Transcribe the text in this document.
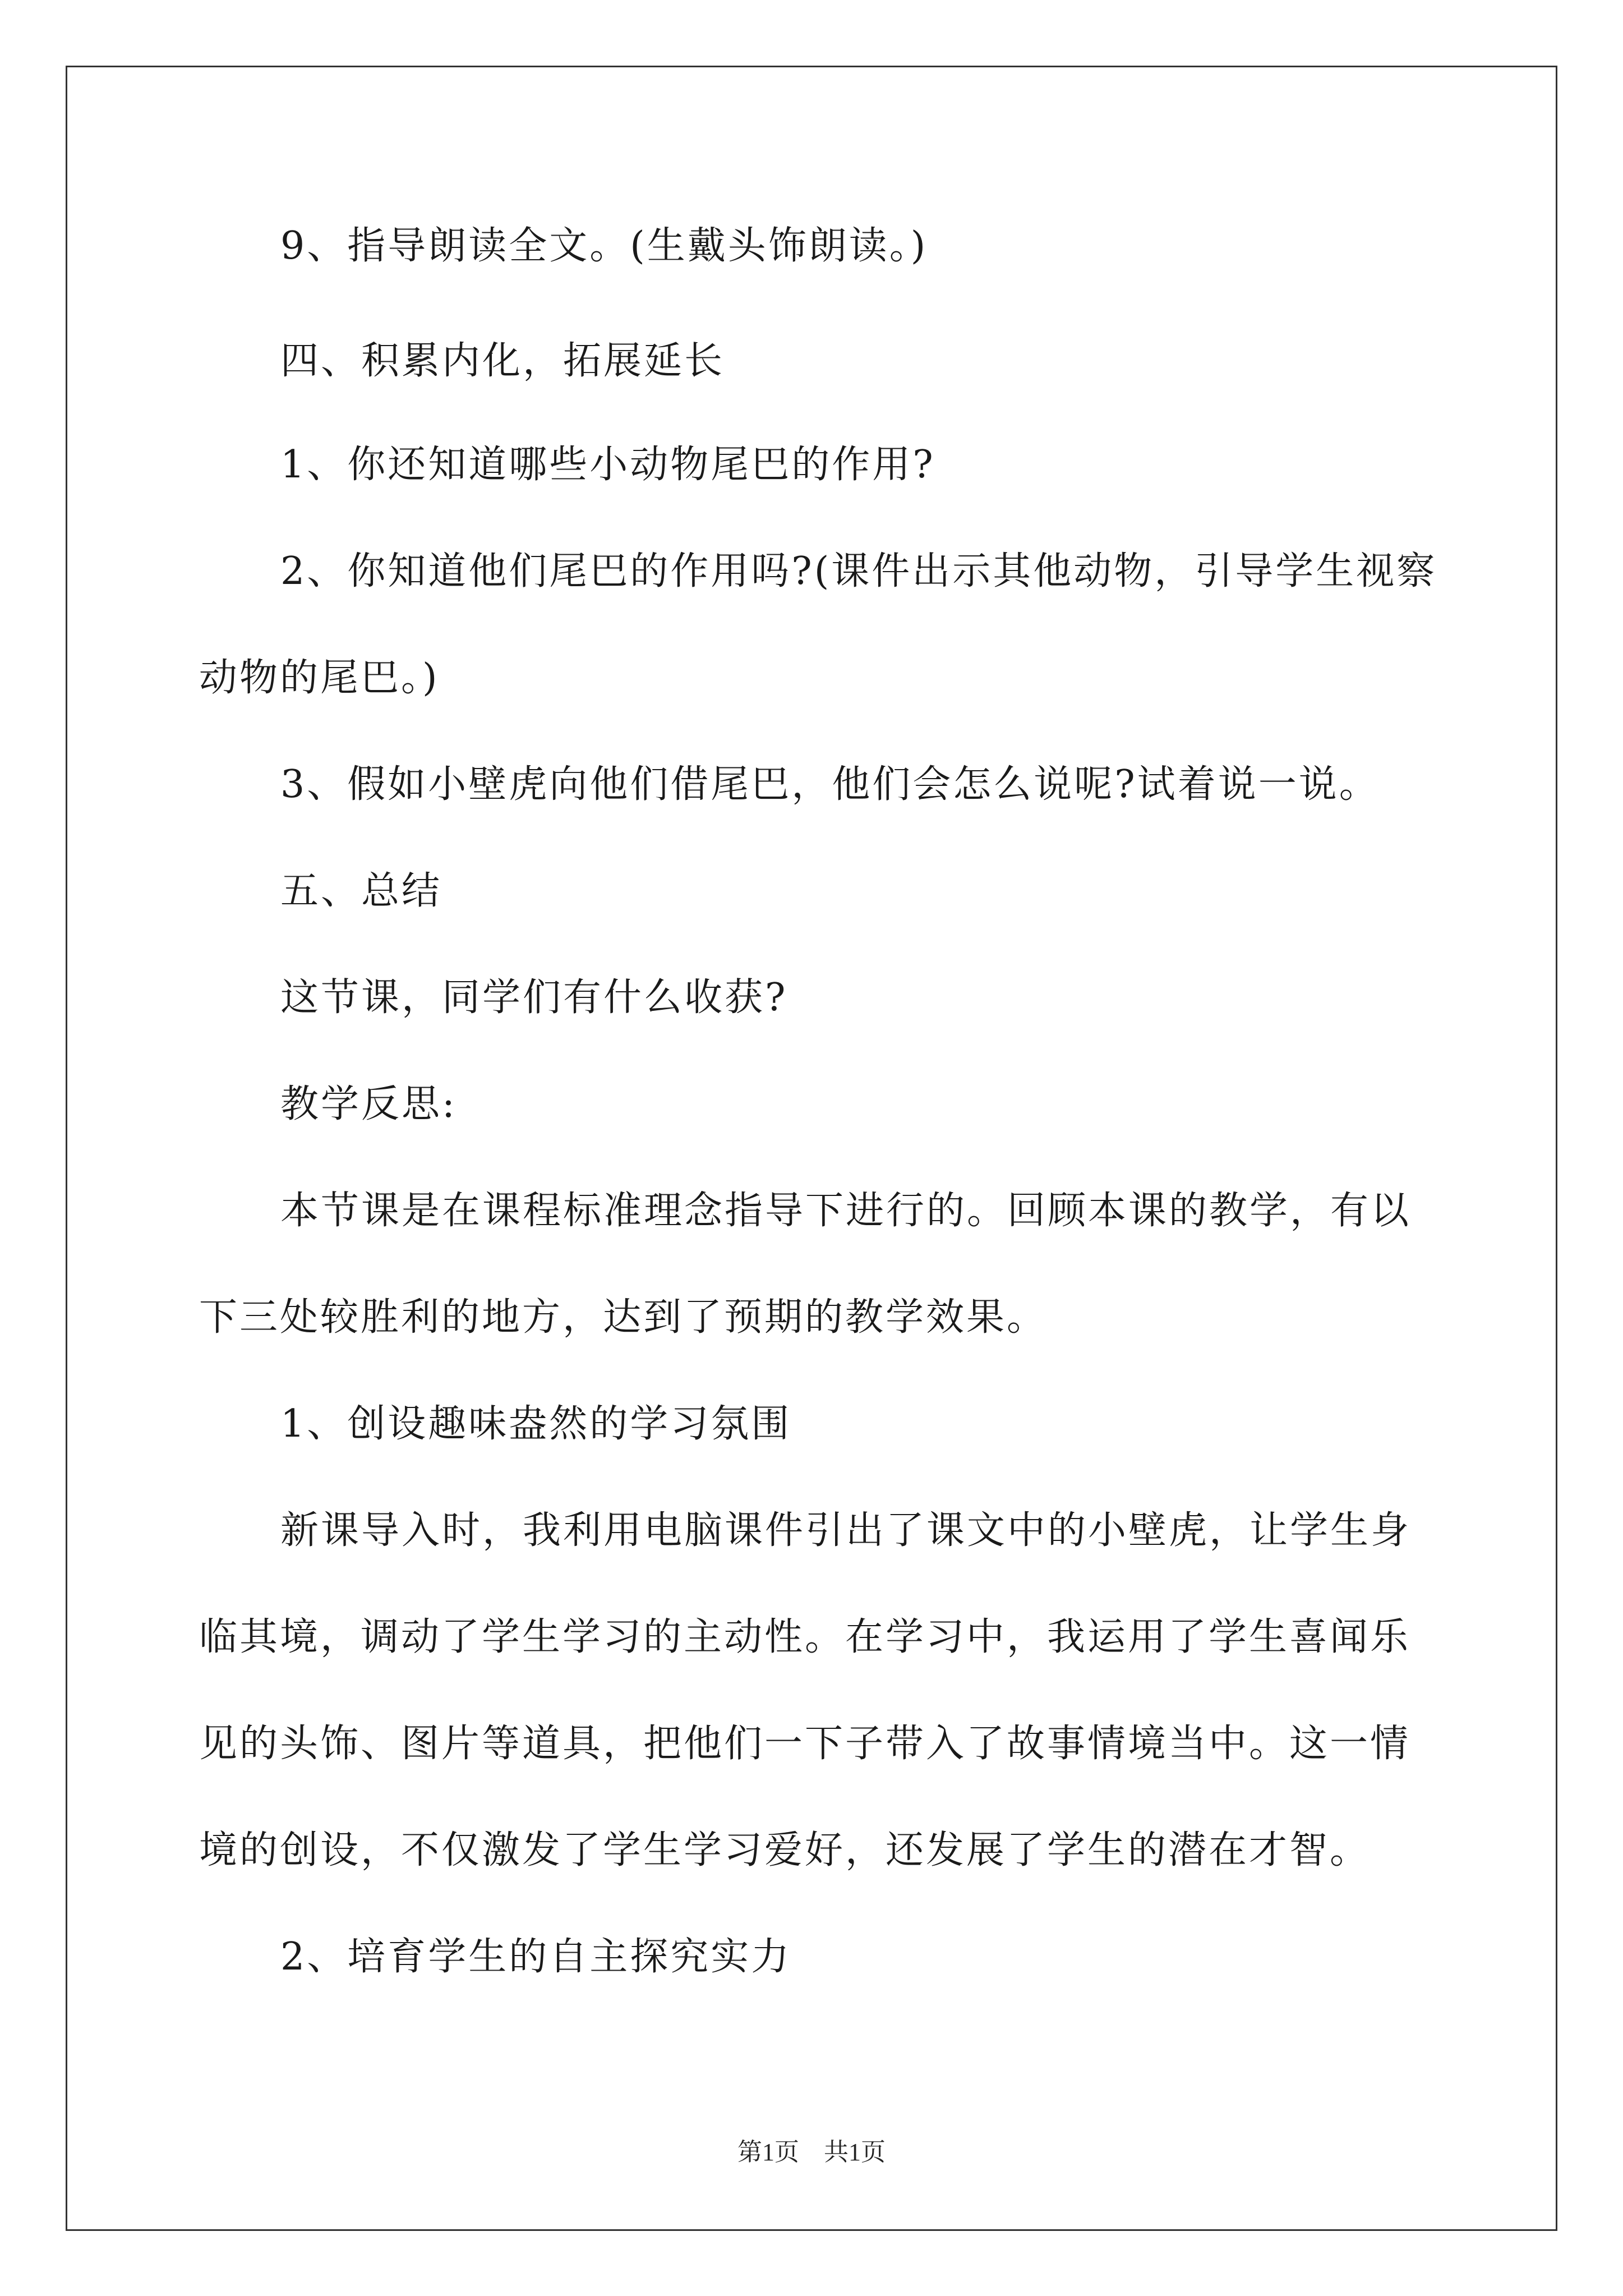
9、指导朗读全文。(生戴头饰朗读。)
四、积累内化，拓展延长
1、你还知道哪些小动物尾巴的作用?
2、你知道他们尾巴的作用吗?(课件出示其他动物，引导学生视察
动物的尾巴。)
3、假如小壁虎向他们借尾巴，他们会怎么说呢?试着说一说。
五、总结
这节课，同学们有什么收获?
教学反思:
本节课是在课程标准理念指导下进行的。回顾本课的教学，有以
下三处较胜利的地方，达到了预期的教学效果。
1、创设趣味盎然的学习氛围
新课导入时，我利用电脑课件引出了课文中的小壁虎，让学生身
临其境，调动了学生学习的主动性。在学习中，我运用了学生喜闻乐
见的头饰、图片等道具，把他们一下子带入了故事情境当中。这一情
境的创设，不仅激发了学生学习爱好，还发展了学生的潜在才智。
2、培育学生的自主探究实力
第1页　共1页
